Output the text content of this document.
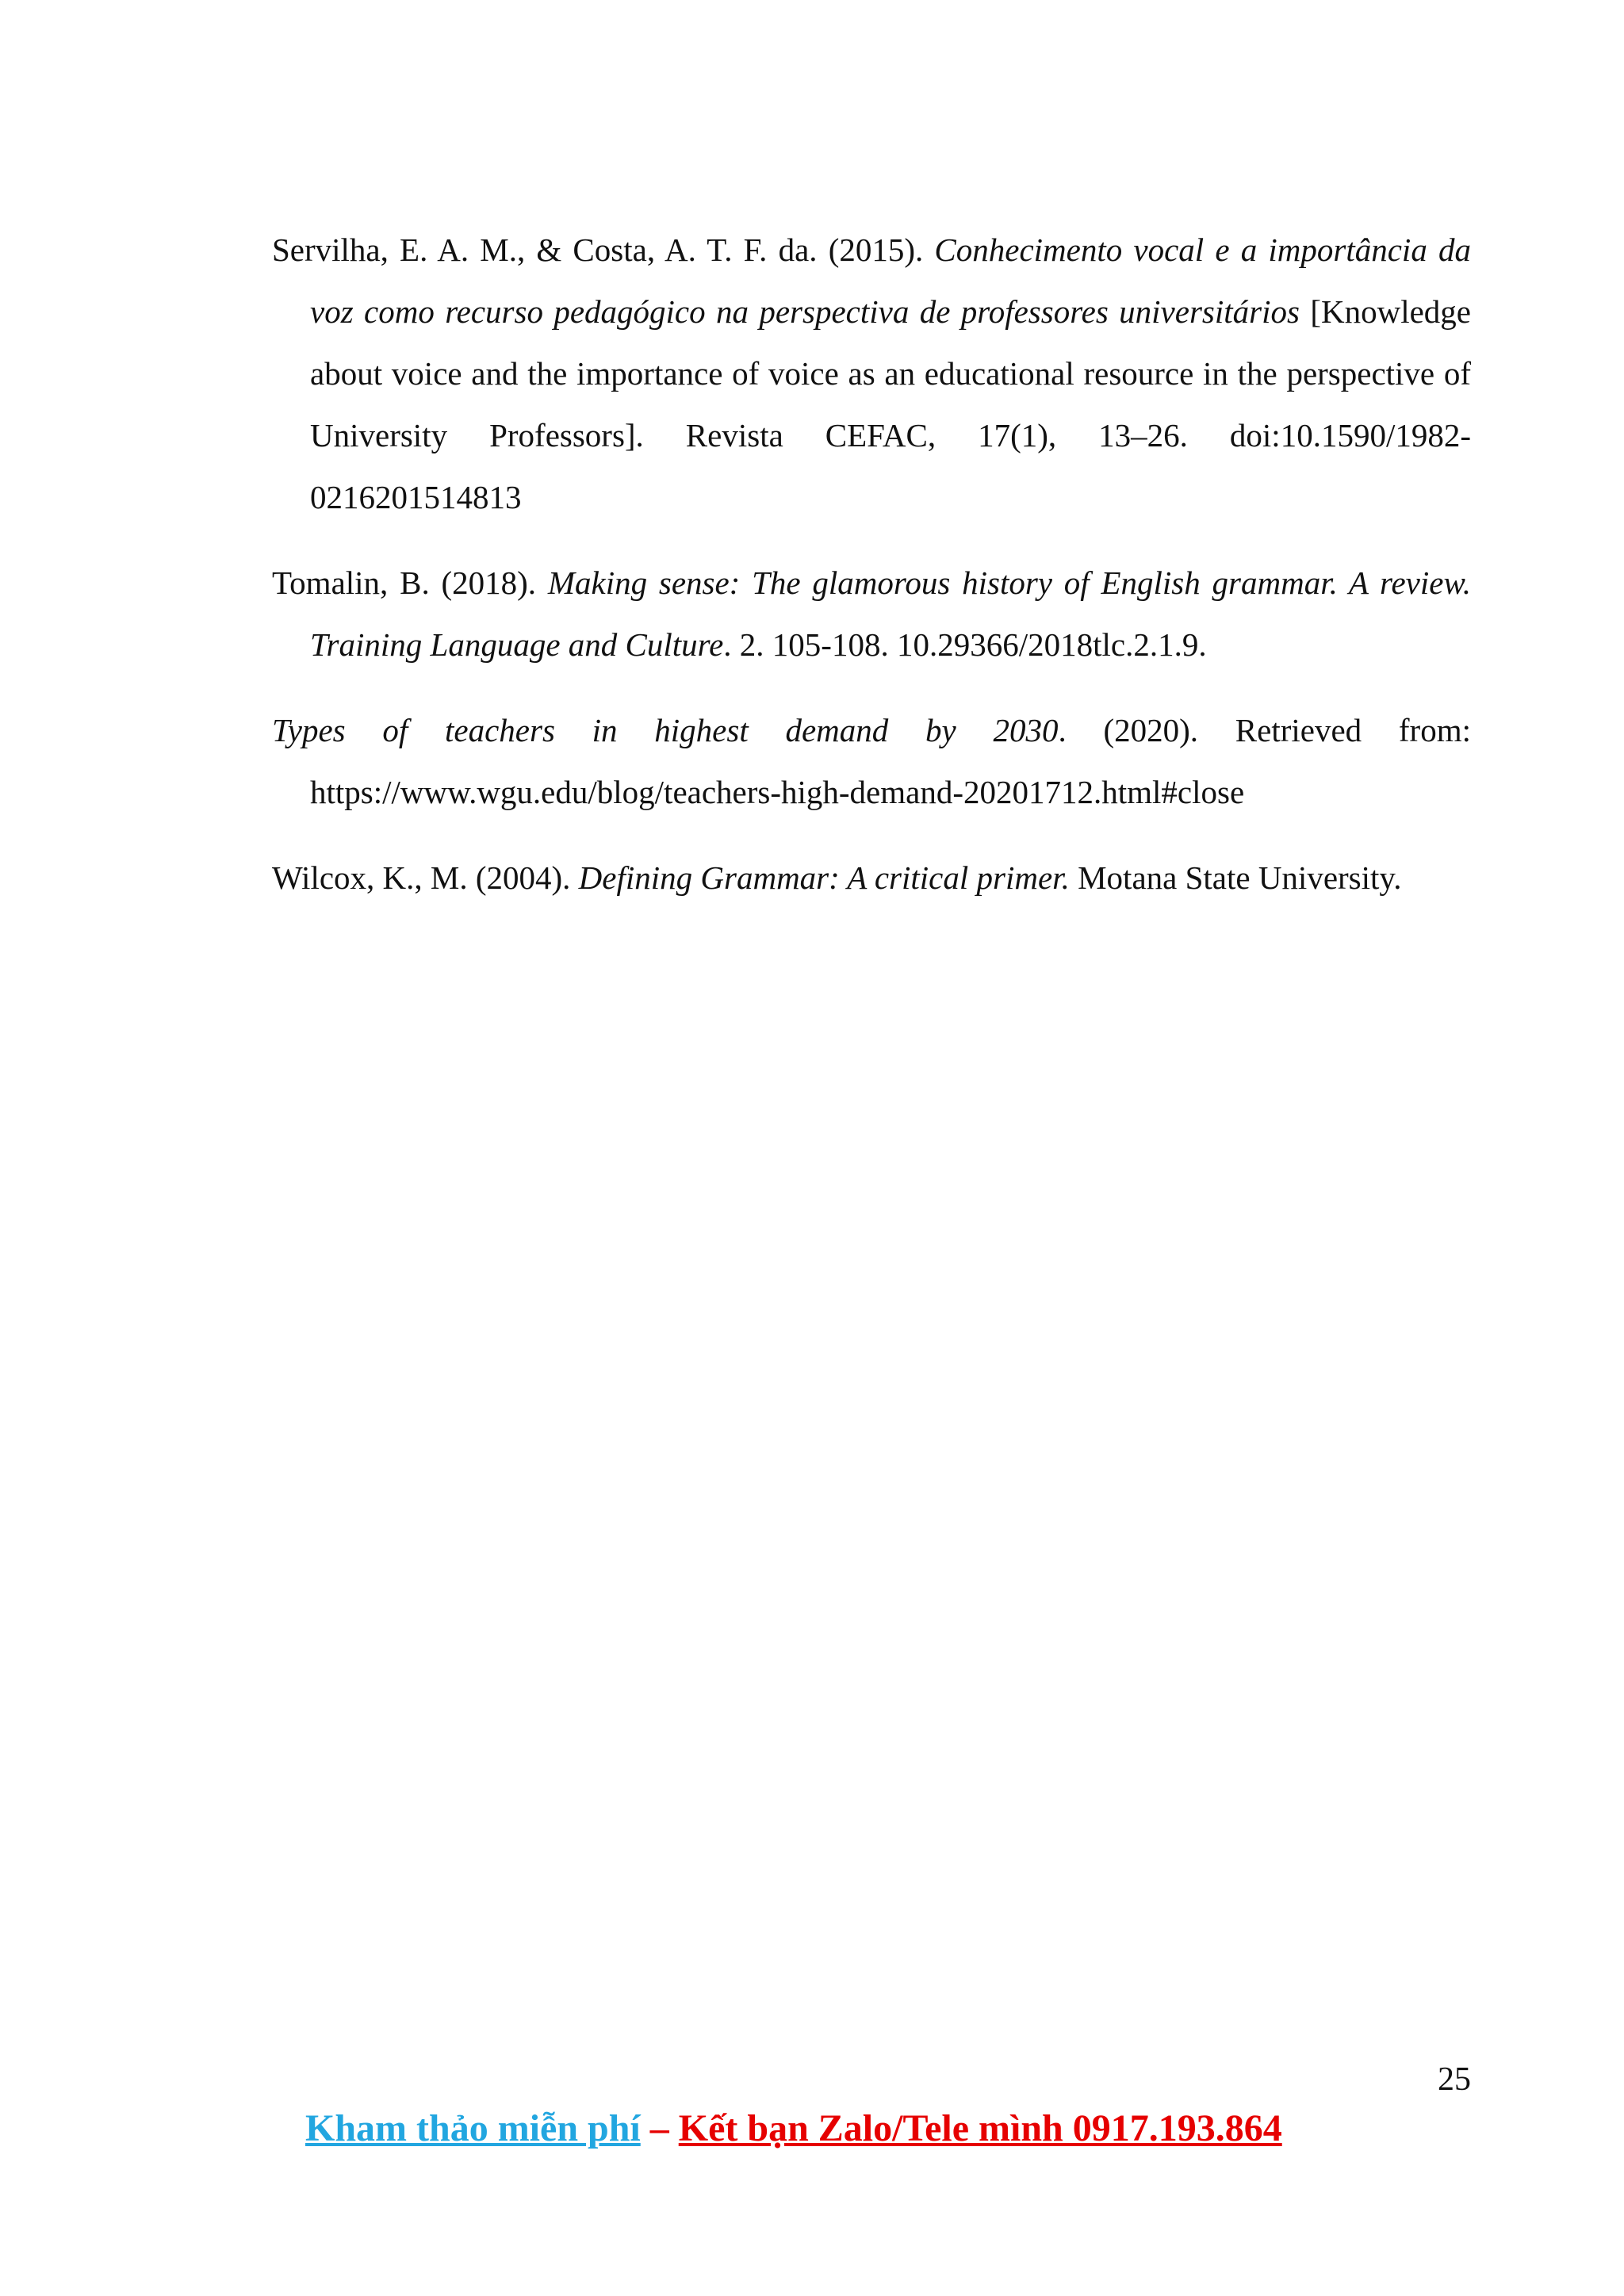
Servilha, E. A. M., & Costa, A. T. F. da. (2015). Conhecimento vocal e a importância da voz como recurso pedagógico na perspectiva de professores universitários [Knowledge about voice and the importance of voice as an educational resource in the perspective of University Professors]. Revista CEFAC, 17(1), 13–26. doi:10.1590/1982-0216201514813

Tomalin, B. (2018). Making sense: The glamorous history of English grammar. A review. Training Language and Culture. 2. 105-108. 10.29366/2018tlc.2.1.9.

Types of teachers in highest demand by 2030. (2020). Retrieved from: https://www.wgu.edu/blog/teachers-high-demand-20201712.html#close

Wilcox, K., M. (2004). Defining Grammar: A critical primer. Motana State University.

25
Kham thảo miễn phí – Kết bạn Zalo/Tele mình 0917.193.864
